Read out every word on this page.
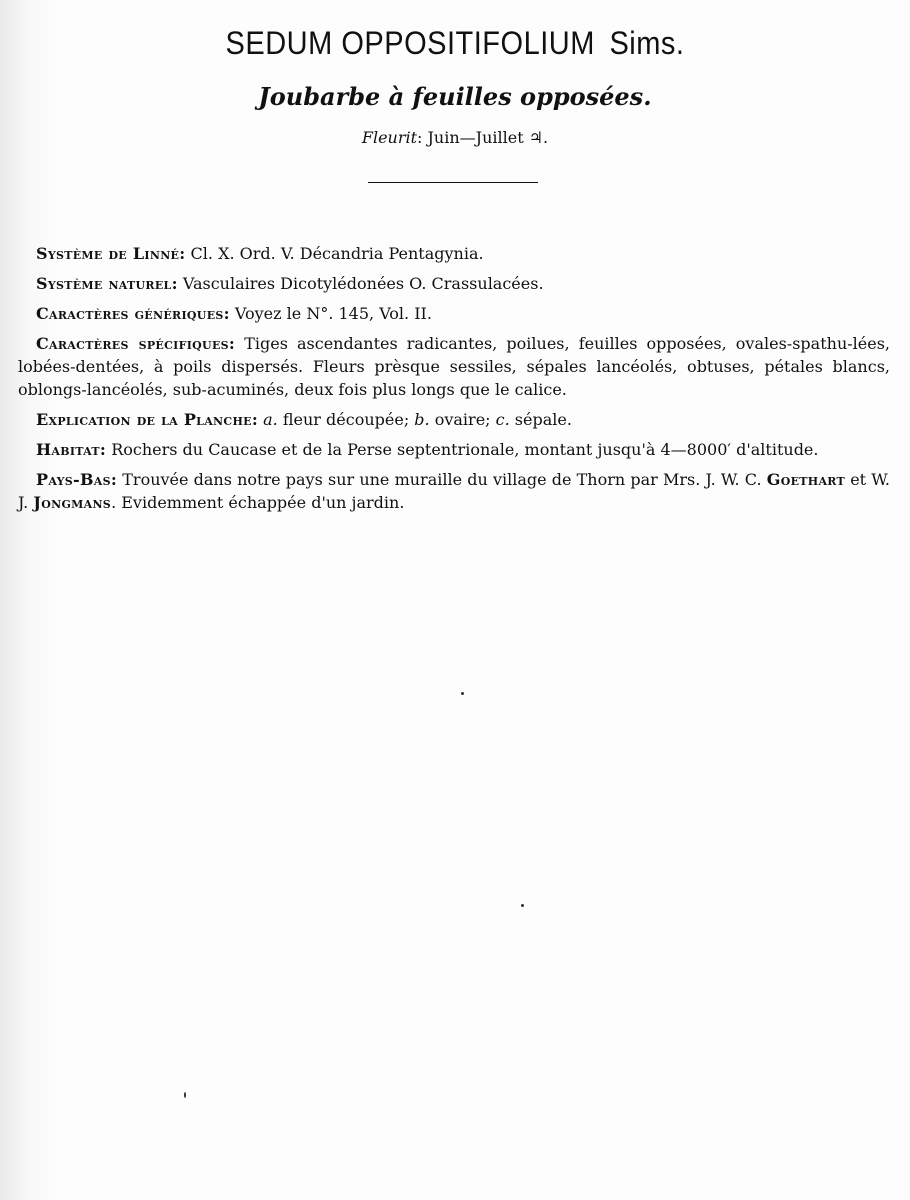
SEDUM OPPOSITIFOLIUM Sims.
Joubarbe à feuilles opposées.
Fleurit: Juin—Juillet ♃.

Système de Linné: Cl. X. Ord. V. Décandria Pentagynia.

Système naturel: Vasculaires Dicotylédonées O. Crassulacées.

Caractères génériques: Voyez le N°. 145, Vol. II.

Caractères spécifiques: Tiges ascendantes radicantes, poilues, feuilles opposées, ovales-spathu-lées, lobées-dentées, à poils dispersés. Fleurs prèsque sessiles, sépales lancéolés, obtuses, pétales blancs, oblongs-lancéolés, sub-acuminés, deux fois plus longs que le calice.

Explication de la Planche: a. fleur découpée; b. ovaire; c. sépale.

Habitat: Rochers du Caucase et de la Perse septentrionale, montant jusqu'à 4—8000′ d'altitude.

Pays-Bas: Trouvée dans notre pays sur une muraille du village de Thorn par Mrs. J. W. C. Goethart et W. J. Jongmans. Evidemment échappée d'un jardin.
